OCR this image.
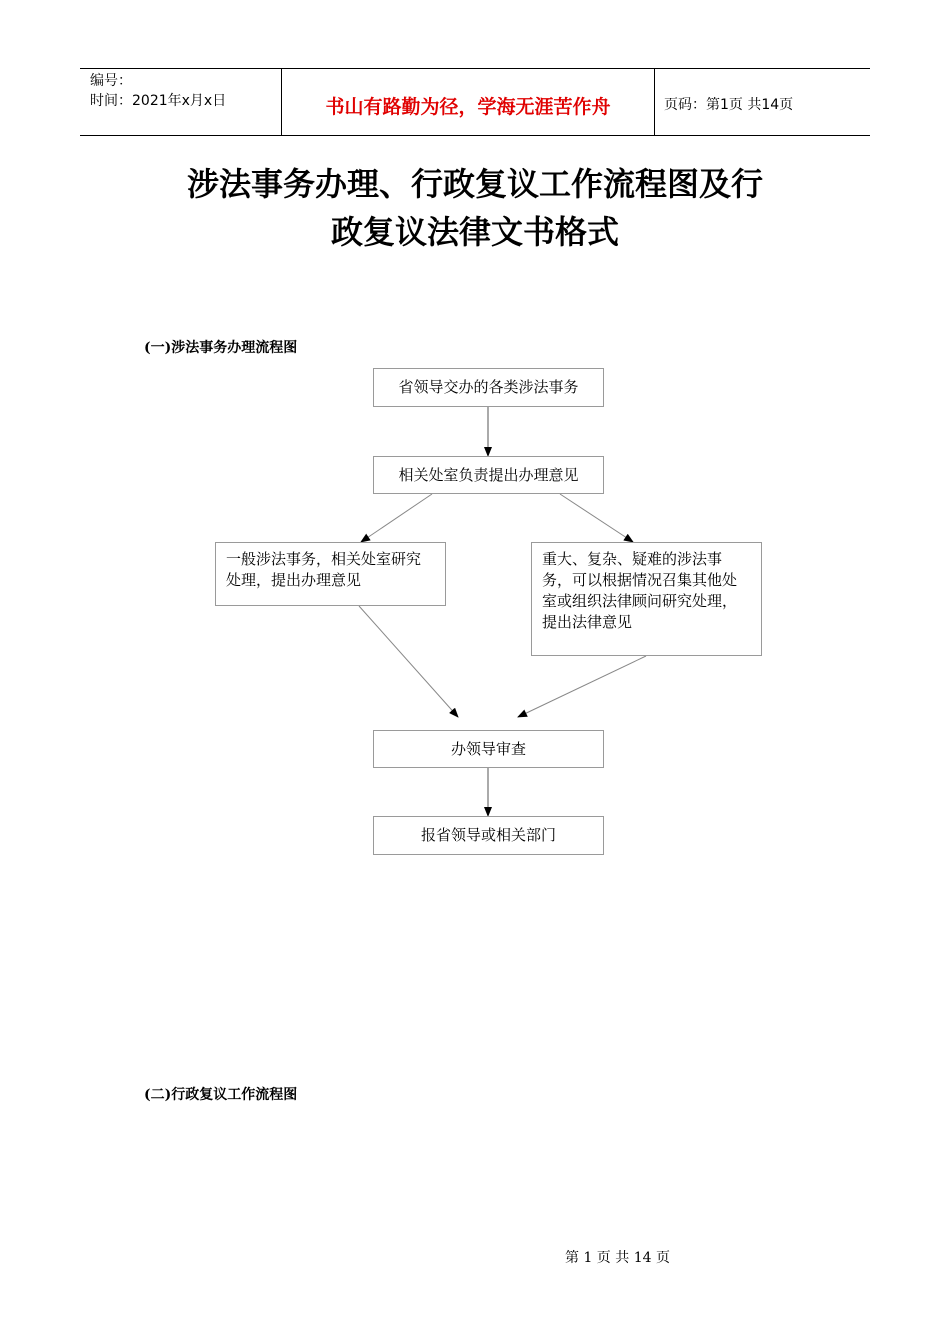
编号：
时间：2021年x月x日	书山有路勤为径，学海无涯苦作舟	页码：第1页 共14页
涉法事务办理、行政复议工作流程图及行
政复议法律文书格式
(一)涉法事务办理流程图
省领导交办的各类涉法事务
相关处室负责提出办理意见
一般涉法事务，相关处室研究处理，提出办理意见
重大、复杂、疑难的涉法事务，可以根据情况召集其他处室或组织法律顾问研究处理，提出法律意见
办领导审查
报省领导或相关部门
(二)行政复议工作流程图
第 1 页 共 14 页
